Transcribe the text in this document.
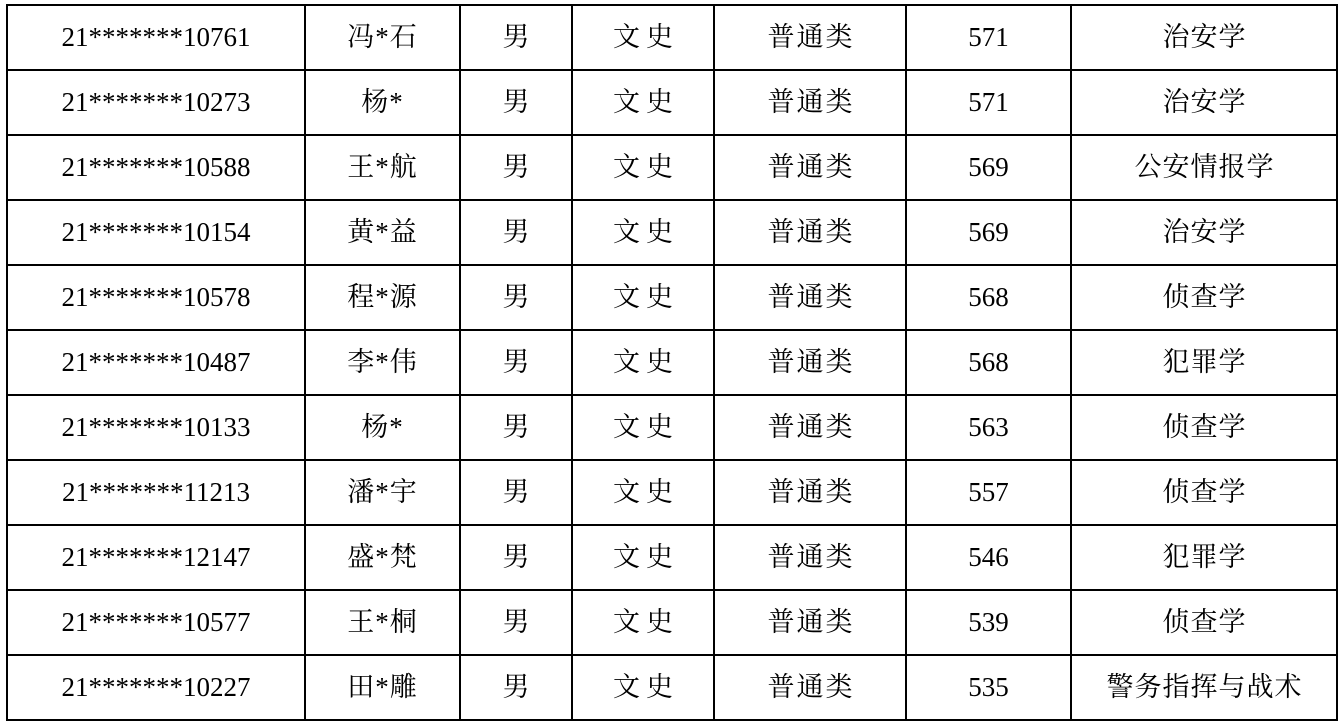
21*******10761	冯*石	男	文史	普通类	571	治安学
21*******10273	杨*	男	文史	普通类	571	治安学
21*******10588	王*航	男	文史	普通类	569	公安情报学
21*******10154	黄*益	男	文史	普通类	569	治安学
21*******10578	程*源	男	文史	普通类	568	侦查学
21*******10487	李*伟	男	文史	普通类	568	犯罪学
21*******10133	杨*	男	文史	普通类	563	侦查学
21*******11213	潘*宇	男	文史	普通类	557	侦查学
21*******12147	盛*梵	男	文史	普通类	546	犯罪学
21*******10577	王*桐	男	文史	普通类	539	侦查学
21*******10227	田*雕	男	文史	普通类	535	警务指挥与战术
